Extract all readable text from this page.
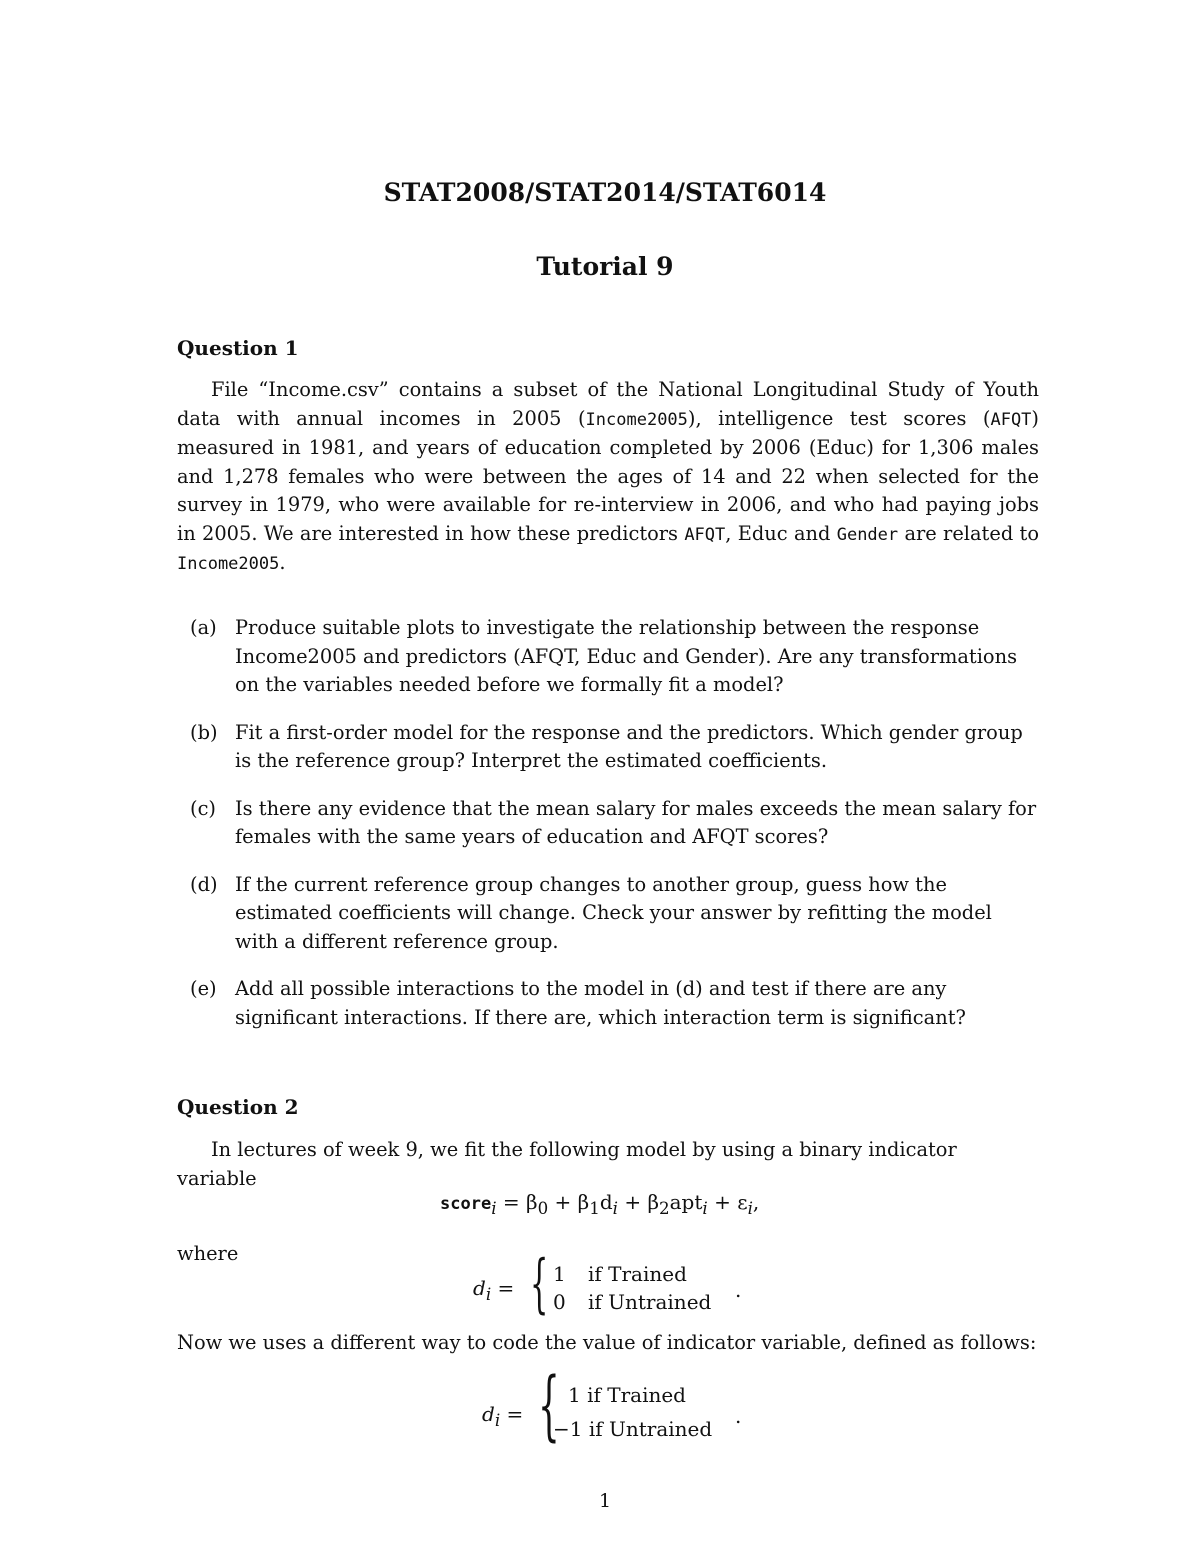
STAT2008/STAT2014/STAT6014
Tutorial 9
Question 1
File “Income.csv” contains a subset of the National Longitudinal Study of Youth data with annual incomes in 2005 (Income2005), intelligence test scores (AFQT) measured in 1981, and years of education completed by 2006 (Educ) for 1,306 males and 1,278 females who were between the ages of 14 and 22 when selected for the survey in 1979, who were available for re-interview in 2006, and who had paying jobs in 2005. We are interested in how these predictors AFQT, Educ and Gender are related to Income2005.
(a) Produce suitable plots to investigate the relationship between the response Income2005 and predictors (AFQT, Educ and Gender). Are any transformations on the variables needed before we formally fit a model?
(b) Fit a first-order model for the response and the predictors. Which gender group is the reference group? Interpret the estimated coefficients.
(c) Is there any evidence that the mean salary for males exceeds the mean salary for females with the same years of education and AFQT scores?
(d) If the current reference group changes to another group, guess how the estimated coefficients will change. Check your answer by refitting the model with a different reference group.
(e) Add all possible interactions to the model in (d) and test if there are any significant interactions. If there are, which interaction term is significant?
Question 2
In lectures of week 9, we fit the following model by using a binary indicator variable
score$_i$ = $\beta_0 + \beta_1d_i + \beta_2apt_i + \varepsilon_i$,
where
$d_i$ = { 1 if Trained
0 if Untrained .
Now we uses a different way to code the value of indicator variable, defined as follows:
$d_i$ = { 1 if Trained
−1 if Untrained
.
1
